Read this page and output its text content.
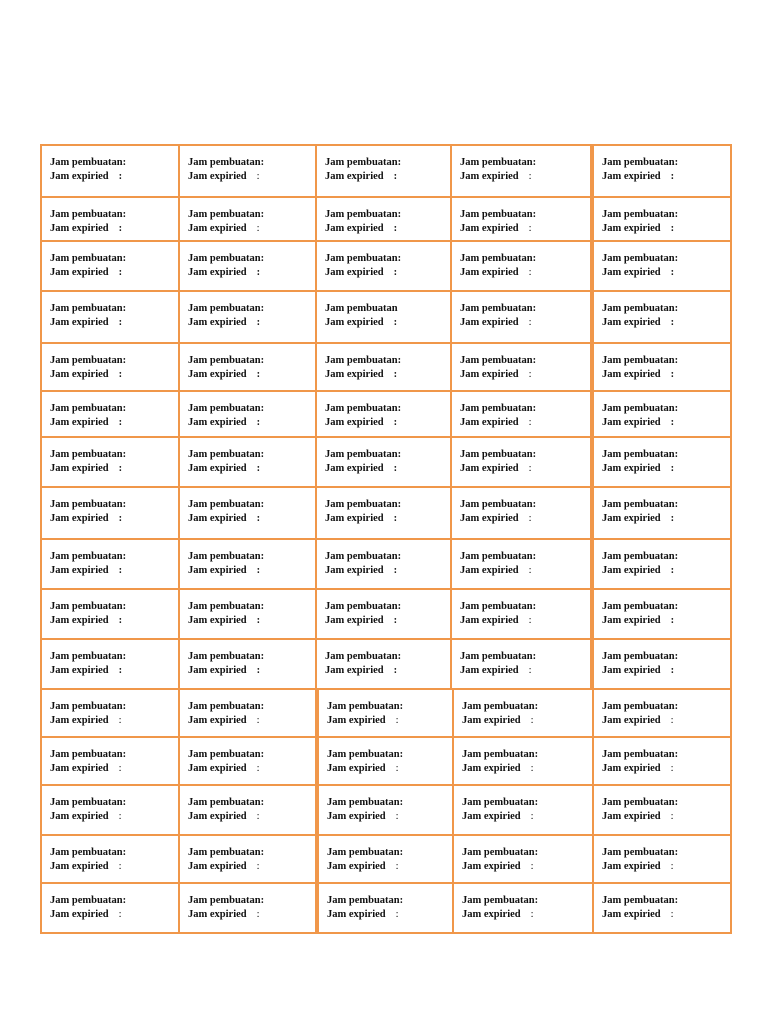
Jam pembuatan:
Jam expiried :
Jam pembuatan:
Jam expiried :
Jam pembuatan:
Jam expiried :
Jam pembuatan:
Jam expiried :
Jam pembuatan:
Jam expiried :
Jam pembuatan:
Jam expiried :
Jam pembuatan:
Jam expiried :
Jam pembuatan:
Jam expiried :
Jam pembuatan:
Jam expiried :
Jam pembuatan:
Jam expiried :
Jam pembuatan:
Jam expiried :
Jam pembuatan:
Jam expiried :
Jam pembuatan:
Jam expiried :
Jam pembuatan:
Jam expiried :
Jam pembuatan:
Jam expiried :
Jam pembuatan:
Jam expiried :
Jam pembuatan:
Jam expiried :
Jam pembuatan
Jam expiried :
Jam pembuatan:
Jam expiried :
Jam pembuatan:
Jam expiried :
Jam pembuatan:
Jam expiried :
Jam pembuatan:
Jam expiried :
Jam pembuatan:
Jam expiried :
Jam pembuatan:
Jam expiried :
Jam pembuatan:
Jam expiried :
Jam pembuatan:
Jam expiried :
Jam pembuatan:
Jam expiried :
Jam pembuatan:
Jam expiried :
Jam pembuatan:
Jam expiried :
Jam pembuatan:
Jam expiried :
Jam pembuatan:
Jam expiried :
Jam pembuatan:
Jam expiried :
Jam pembuatan:
Jam expiried :
Jam pembuatan:
Jam expiried :
Jam pembuatan:
Jam expiried :
Jam pembuatan:
Jam expiried :
Jam pembuatan:
Jam expiried :
Jam pembuatan:
Jam expiried :
Jam pembuatan:
Jam expiried :
Jam pembuatan:
Jam expiried :
Jam pembuatan:
Jam expiried :
Jam pembuatan:
Jam expiried :
Jam pembuatan:
Jam expiried :
Jam pembuatan:
Jam expiried :
Jam pembuatan:
Jam expiried :
Jam pembuatan:
Jam expiried :
Jam pembuatan:
Jam expiried :
Jam pembuatan:
Jam expiried :
Jam pembuatan:
Jam expiried :
Jam pembuatan:
Jam expiried :
Jam pembuatan:
Jam expiried :
Jam pembuatan:
Jam expiried :
Jam pembuatan:
Jam expiried :
Jam pembuatan:
Jam expiried :
Jam pembuatan:
Jam expiried :
Jam pembuatan:
Jam expiried :
Jam pembuatan:
Jam expiried :
Jam pembuatan:
Jam expiried :
Jam pembuatan:
Jam expiried :
Jam pembuatan:
Jam expiried :
Jam pembuatan:
Jam expiried :
Jam pembuatan:
Jam expiried :
Jam pembuatan:
Jam expiried :
Jam pembuatan:
Jam expiried :
Jam pembuatan:
Jam expiried :
Jam pembuatan:
Jam expiried :
Jam pembuatan:
Jam expiried :
Jam pembuatan:
Jam expiried :
Jam pembuatan:
Jam expiried :
Jam pembuatan:
Jam expiried :
Jam pembuatan:
Jam expiried :
Jam pembuatan:
Jam expiried :
Jam pembuatan:
Jam expiried :
Jam pembuatan:
Jam expiried :
Jam pembuatan:
Jam expiried :
Jam pembuatan:
Jam expiried :
Jam pembuatan:
Jam expiried :
Jam pembuatan:
Jam expiried :
Jam pembuatan:
Jam expiried :
Jam pembuatan:
Jam expiried :
